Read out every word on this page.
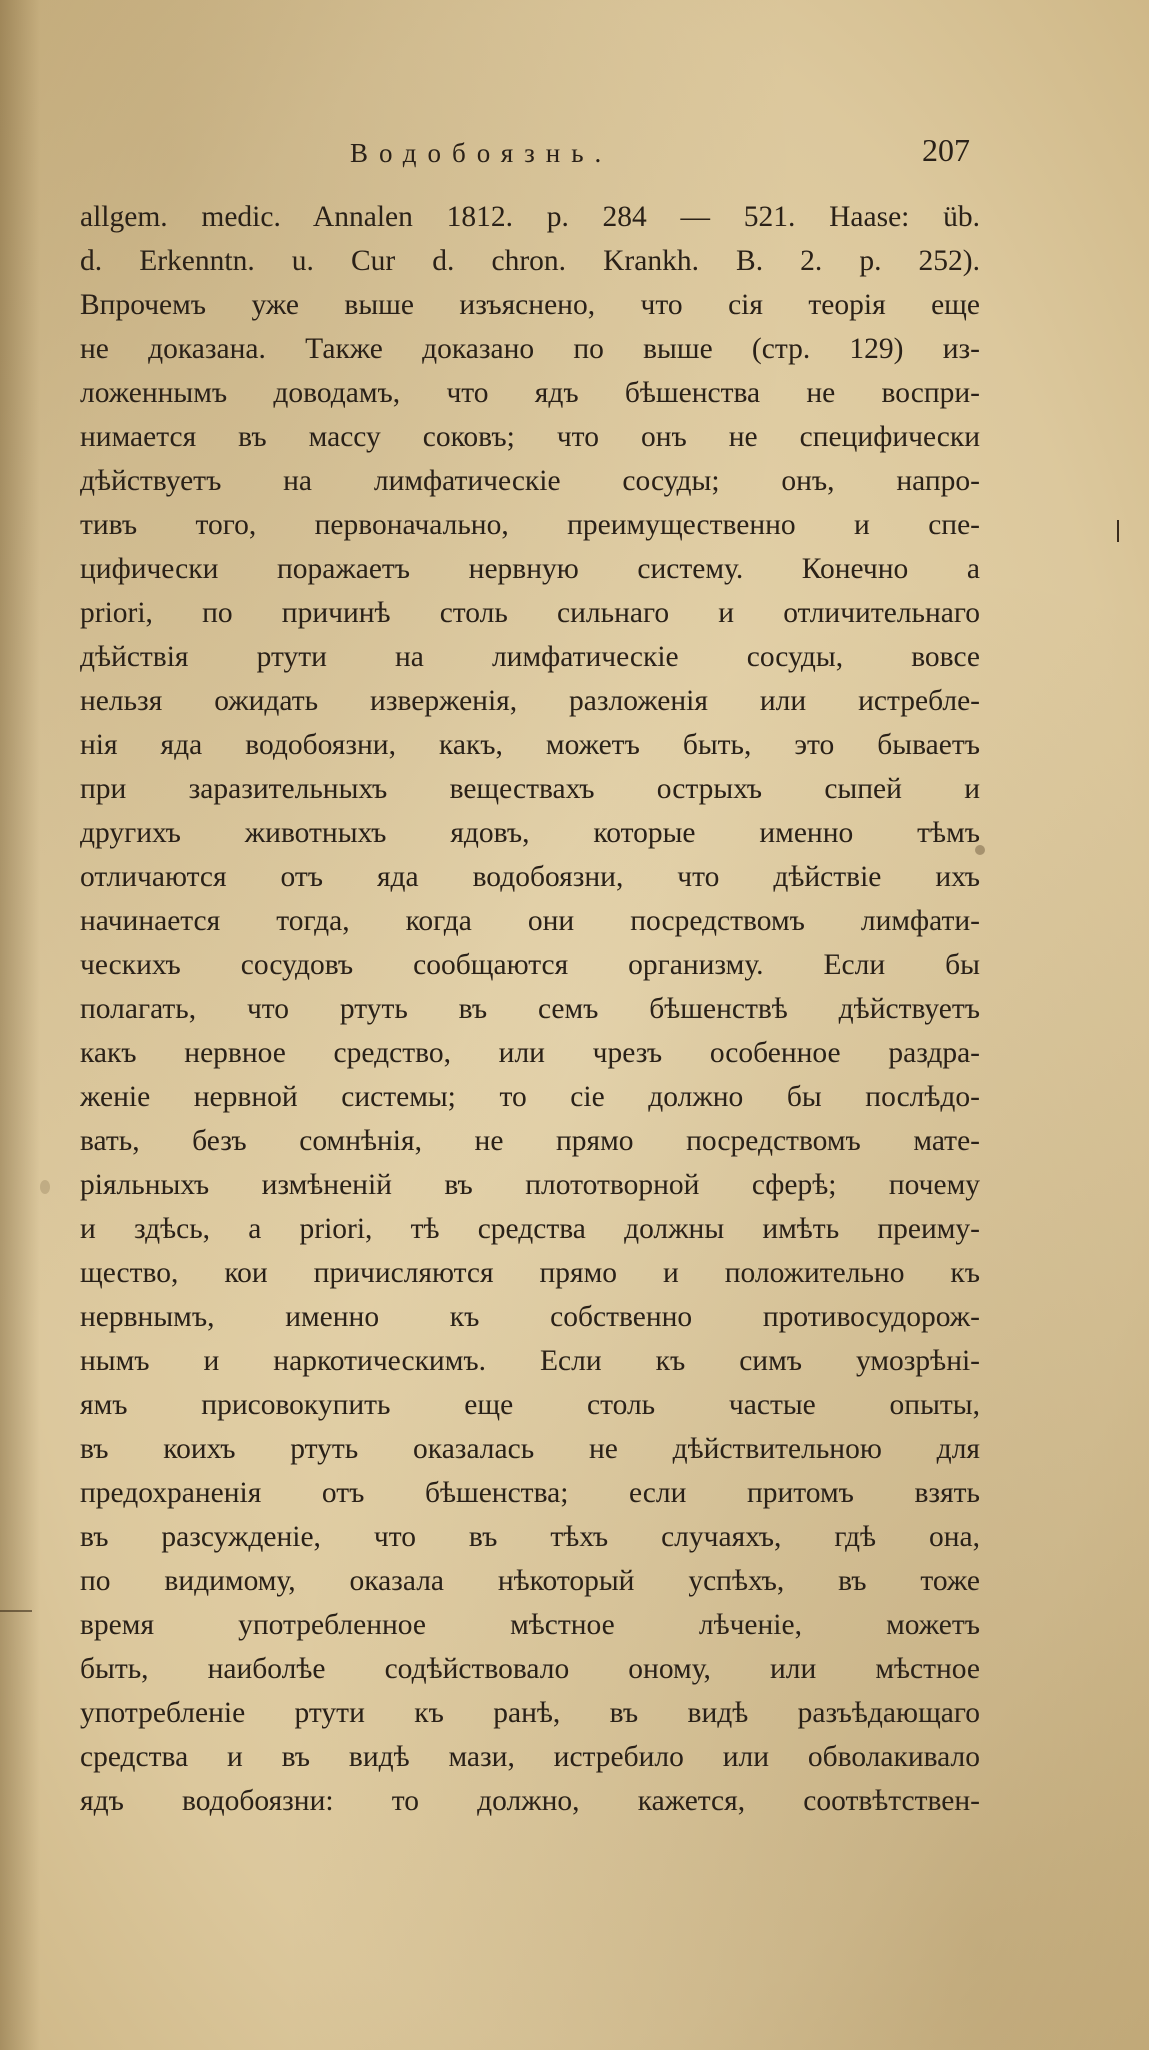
Водобоязнь.	207
allgem. medic. Annalen 1812. p. 284 — 521. Haase: üb.
d. Erkenntn. u. Cur d. chron. Krankh. B. 2. p. 252).
Впрочемъ уже выше изъяснено, что сія теорія еще
не доказана. Также доказано по выше (стр. 129) из-
ложеннымъ доводамъ, что ядъ бѣшенства не воспри-
нимается въ массу соковъ; что онъ не специфически
дѣйствуетъ на лимфатическіе сосуды; онъ, напро-
тивъ того, первоначально, преимущественно и спе-
цифически поражаетъ нервную систему. Конечно a
priori, по причинѣ столь сильнаго и отличительнаго
дѣйствія ртути на лимфатическіе сосуды, вовсе
нельзя ожидать изверженія, разложенія или истребле-
нія яда водобоязни, какъ, можетъ быть, это бываетъ
при заразительныхъ веществахъ острыхъ сыпей и
другихъ животныхъ ядовъ, которые именно тѣмъ
отличаются отъ яда водобоязни, что дѣйствіе ихъ
начинается тогда, когда они посредствомъ лимфати-
ческихъ сосудовъ сообщаются организму. Если бы
полагать, что ртуть въ семъ бѣшенствѣ дѣйствуетъ
какъ нервное средство, или чрезъ особенное раздра-
женіе нервной системы; то сіе должно бы послѣдо-
вать, безъ сомнѣнія, не прямо посредствомъ мате-
ріяльныхъ измѣненій въ плототворной сферѣ; почему
и здѣсь, a priori, тѣ средства должны имѣть преиму-
щество, кои причисляются прямо и положительно къ
нервнымъ, именно къ собственно противосудорож-
нымъ и наркотическимъ. Если къ симъ умозрѣні-
ямъ присовокупить еще столь частые опыты,
въ коихъ ртуть оказалась не дѣйствительною для
предохраненія отъ бѣшенства; если притомъ взять
въ разсужденіе, что въ тѣхъ случаяхъ, гдѣ она,
по видимому, оказала нѣкоторый успѣхъ, въ тоже
время употребленное мѣстное лѣченіе, можетъ
быть, наиболѣе содѣйствовало оному, или мѣстное
употребленіе ртути къ ранѣ, въ видѣ разъѣдающаго
средства и въ видѣ мази, истребило или обволакивало
ядъ водобоязни: то должно, кажется, соотвѣтствен-
